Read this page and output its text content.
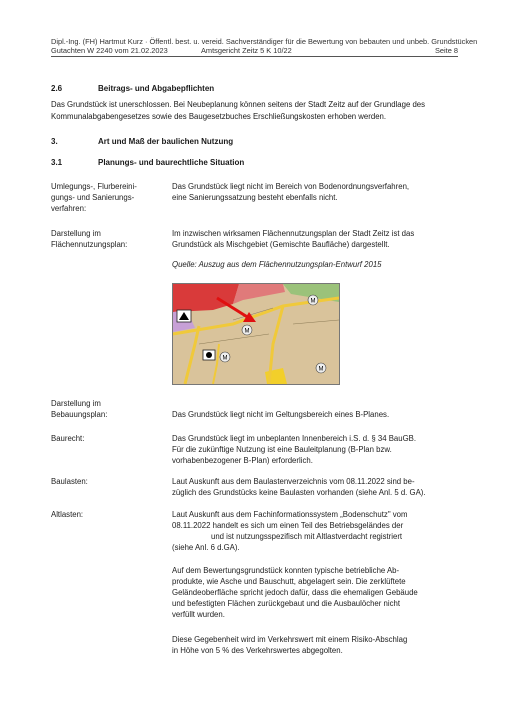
Dipl.-Ing. (FH) Hartmut Kurz · Öffentl. best. u. vereid. Sachverständiger für die Bewertung von bebauten und unbeb. Grundstücken
Gutachten W 2240 vom 21.02.2023	Amtsgericht Zeitz 5 K 10/22	Seite 8
2.6	Beitrags- und Abgabepflichten
Das Grundstück ist unerschlossen. Bei Neubeplanung können seitens der Stadt Zeitz auf der Grundlage des
Kommunalabgabengesetzes sowie des Baugesetzbuches Erschließungskosten erhoben werden.
3.	Art und Maß der baulichen Nutzung
3.1	Planungs- und baurechtliche Situation
Umlegungs-, Flurbereini-
gungs- und Sanierungs-
verfahren:
Das Grundstück liegt nicht im Bereich von Bodenordnungsverfahren,
eine Sanierungssatzung besteht ebenfalls nicht.
Darstellung im
Flächennutzungsplan:
Im inzwischen wirksamen Flächennutzungsplan der Stadt Zeitz ist das
Grundstück als Mischgebiet (Gemischte Baufläche) dargestellt.
Quelle: Auszug aus dem Flächennutzungsplan-Entwurf 2015
M
M
M
M
Darstellung im
Bebauungsplan:	Das Grundstück liegt nicht im Geltungsbereich eines B-Planes.
Baurecht:	Das Grundstück liegt im unbeplanten Innenbereich i.S. d. § 34 BauGB.
Für die zukünftige Nutzung ist eine Bauleitplanung (B-Plan bzw.
vorhabenbezogener B-Plan) erforderlich.
Baulasten:	Laut Auskunft aus dem Baulastenverzeichnis vom 08.11.2022 sind be-
züglich des Grundstücks keine Baulasten vorhanden (siehe Anl. 5 d. GA).
Altlasten:	Laut Auskunft aus dem Fachinformationssystem „Bodenschutz" vom
08.11.2022 handelt es sich um einen Teil des Betriebsgeländes der
und ist nutzungsspezifisch mit Altlastverdacht registriert
(siehe Anl. 6 d.GA).
Auf dem Bewertungsgrundstück konnten typische betriebliche Ab-
produkte, wie Asche und Bauschutt, abgelagert sein. Die zerklüftete
Geländeoberfläche spricht jedoch dafür, dass die ehemaligen Gebäude
und befestigten Flächen zurückgebaut und die Ausbaulöcher nicht
verfüllt wurden.
Diese Gegebenheit wird im Verkehrswert mit einem Risiko-Abschlag
in Höhe von 5 % des Verkehrswertes abgegolten.
